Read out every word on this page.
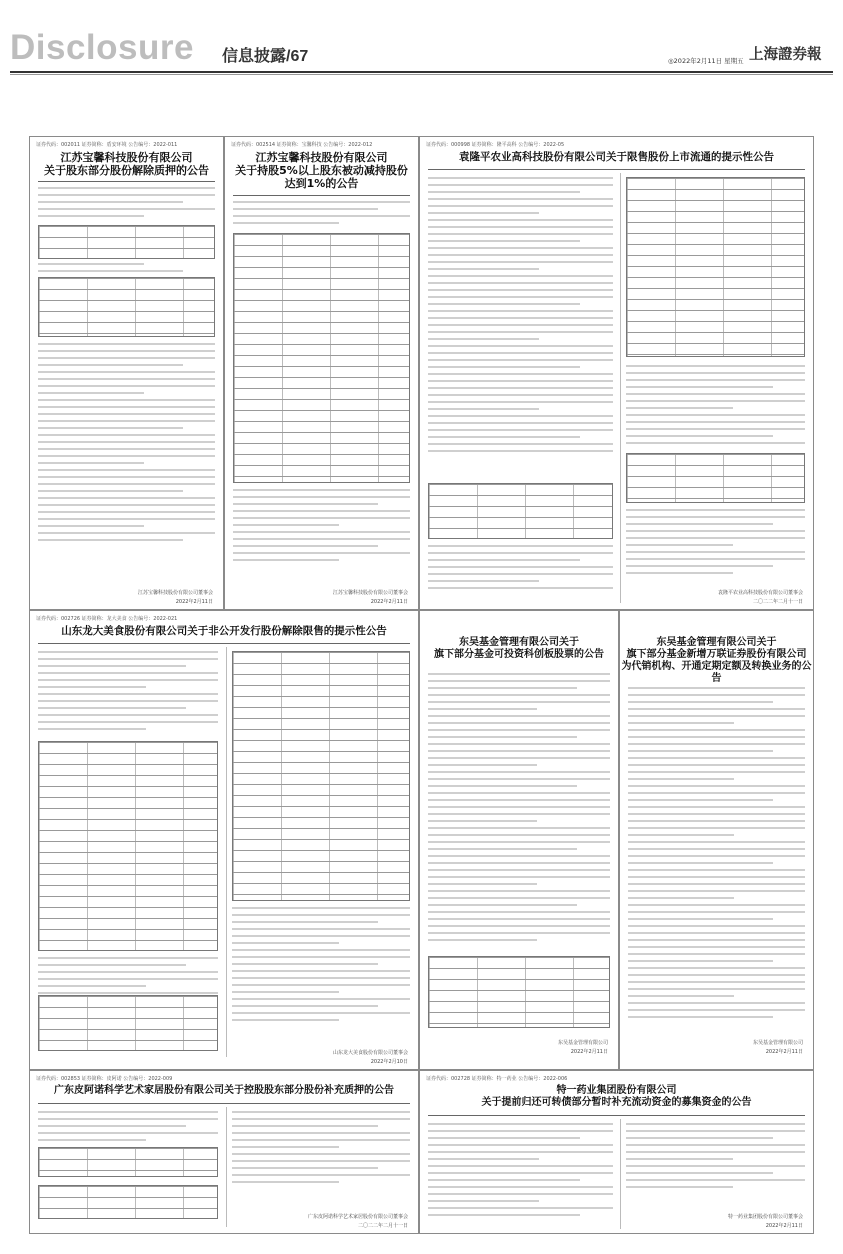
Disclosure 信息披露/67	◎2022年2月11日 星期五 上海證券報
证券代码：002011 证券简称：盾安环境 公告编号：2022-011
江苏宝馨科技股份有限公司
关于股东部分股份解除质押的公告
江苏宝馨科技股份有限公司董事会
2022年2月11日
证券代码：002514 证券简称：宝馨科技 公告编号：2022-012
江苏宝馨科技股份有限公司
关于持股5%以上股东被动减持股份
达到1%的公告
江苏宝馨科技股份有限公司董事会
2022年2月11日
证券代码：000998 证券简称：隆平高科 公告编号：2022-05
袁隆平农业高科技股份有限公司关于限售股份上市流通的提示性公告
袁隆平农业高科技股份有限公司董事会
二〇二二年二月十一日
证券代码：002726 证券简称：龙大美食 公告编号：2022-021
山东龙大美食股份有限公司关于非公开发行股份解除限售的提示性公告
山东龙大美食股份有限公司董事会
2022年2月10日
东吴基金管理有限公司关于
旗下部分基金可投资科创板股票的公告
东吴基金管理有限公司
2022年2月11日
东吴基金管理有限公司关于
旗下部分基金新增万联证券股份有限公司
为代销机构、开通定期定额及转换业务的公告
东吴基金管理有限公司
2022年2月11日
证券代码：002853 证券简称：皮阿诺 公告编号：2022-009
广东皮阿诺科学艺术家居股份有限公司关于控股股东部分股份补充质押的公告
广东皮阿诺科学艺术家居股份有限公司董事会
二〇二二年二月十一日
证券代码：002728 证券简称：特一药业 公告编号：2022-006
特一药业集团股份有限公司
关于提前归还可转债部分暂时补充流动资金的募集资金的公告
特一药业集团股份有限公司董事会
2022年2月11日
